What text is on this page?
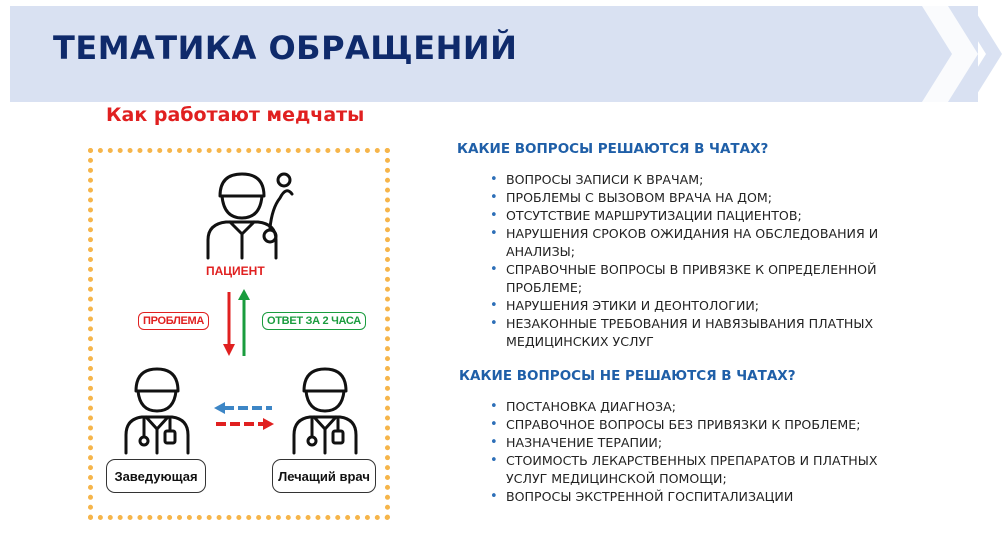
ТЕМАТИКА ОБРАЩЕНИЙ
Как работают медчаты
ПАЦИЕНТ
ПРОБЛЕМА	ОТВЕТ ЗА 2 ЧАСА
Заведующая	Лечащий врач
КАКИЕ ВОПРОСЫ РЕШАЮТСЯ В ЧАТАХ?
• ВОПРОСЫ ЗАПИСИ К ВРАЧАМ;
• ПРОБЛЕМЫ С ВЫЗОВОМ ВРАЧА НА ДОМ;
• ОТСУТСТВИЕ МАРШРУТИЗАЦИИ ПАЦИЕНТОВ;
• НАРУШЕНИЯ СРОКОВ ОЖИДАНИЯ НА ОБСЛЕДОВАНИЯ И АНАЛИЗЫ;
• СПРАВОЧНЫЕ ВОПРОСЫ В ПРИВЯЗКЕ К ОПРЕДЕЛЕННОЙ ПРОБЛЕМЕ;
• НАРУШЕНИЯ ЭТИКИ И ДЕОНТОЛОГИИ;
• НЕЗАКОННЫЕ ТРЕБОВАНИЯ И НАВЯЗЫВАНИЯ ПЛАТНЫХ МЕДИЦИНСКИХ УСЛУГ
КАКИЕ ВОПРОСЫ НЕ РЕШАЮТСЯ В ЧАТАХ?
• ПОСТАНОВКА ДИАГНОЗА;
• СПРАВОЧНОЕ ВОПРОСЫ БЕЗ ПРИВЯЗКИ К ПРОБЛЕМЕ;
• НАЗНАЧЕНИЕ ТЕРАПИИ;
• СТОИМОСТЬ ЛЕКАРСТВЕННЫХ ПРЕПАРАТОВ И ПЛАТНЫХ УСЛУГ МЕДИЦИНСКОЙ ПОМОЩИ;
• ВОПРОСЫ ЭКСТРЕННОЙ ГОСПИТАЛИЗАЦИИ
